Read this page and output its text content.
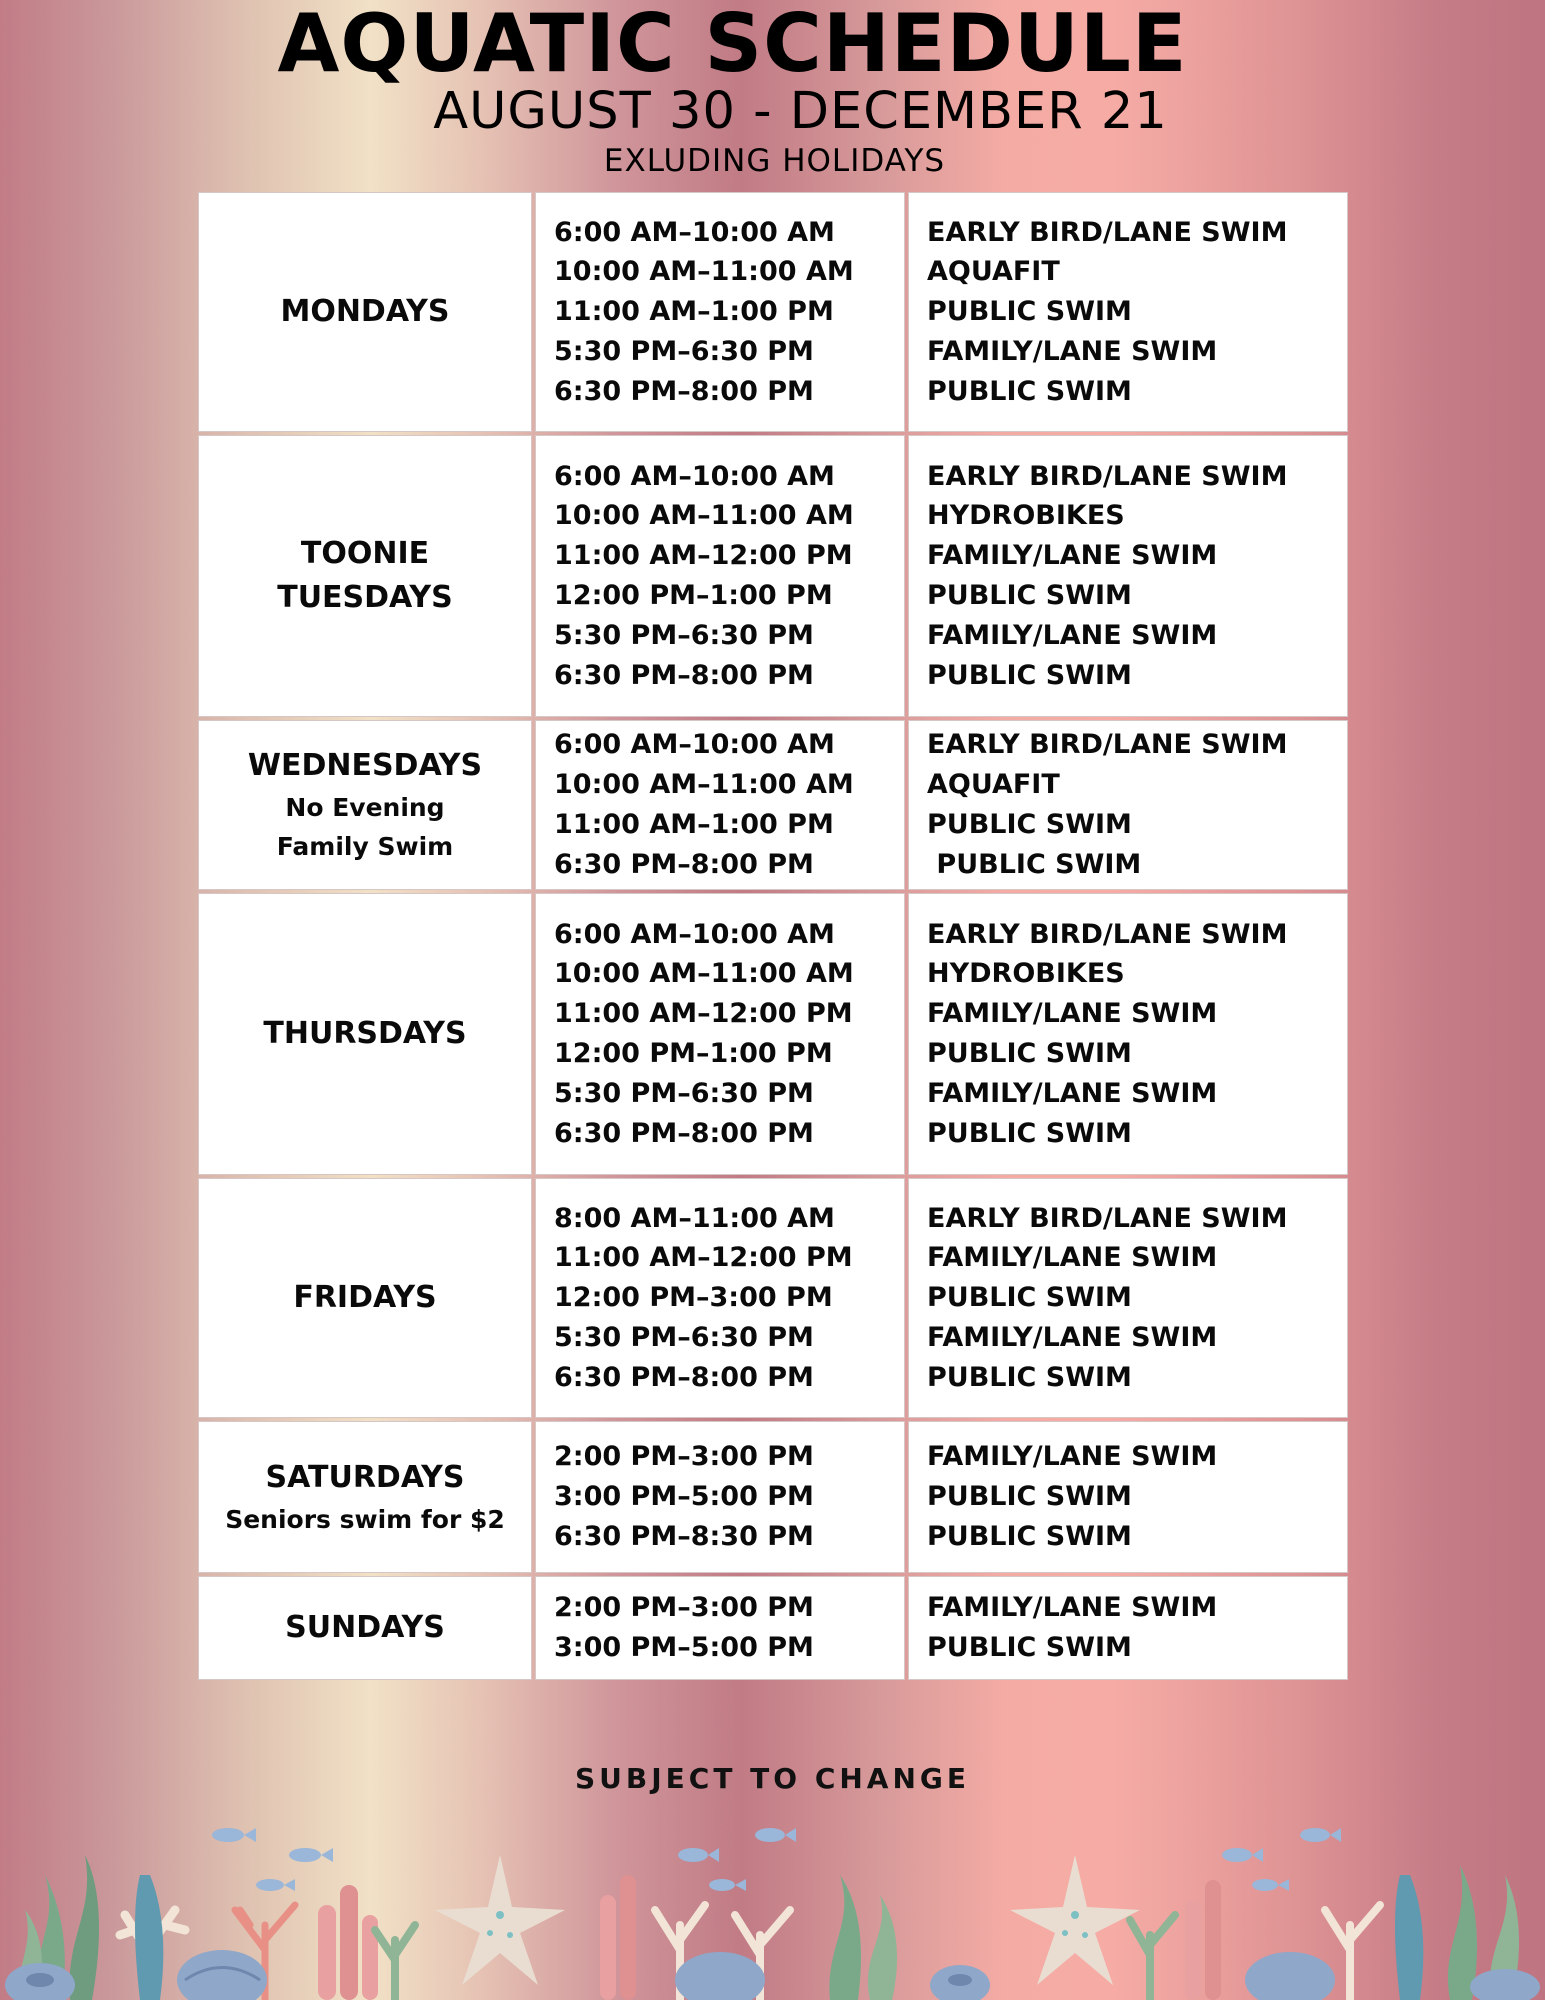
AQUATIC SCHEDULE
AUGUST 30 - DECEMBER 21
EXLUDING HOLIDAYS
MONDAYS
6:00 AM–10:00 AM
10:00 AM–11:00 AM
11:00 AM–1:00 PM
5:30 PM–6:30 PM
6:30 PM–8:00 PM
EARLY BIRD/LANE SWIM
AQUAFIT
PUBLIC SWIM
FAMILY/LANE SWIM
PUBLIC SWIM
TOONIE
TUESDAYS
6:00 AM–10:00 AM
10:00 AM–11:00 AM
11:00 AM–12:00 PM
12:00 PM–1:00 PM
5:30 PM–6:30 PM
6:30 PM–8:00 PM
EARLY BIRD/LANE SWIM
HYDROBIKES
FAMILY/LANE SWIM
PUBLIC SWIM
FAMILY/LANE SWIM
PUBLIC SWIM
WEDNESDAYS
No Evening
Family Swim
6:00 AM–10:00 AM
10:00 AM–11:00 AM
11:00 AM–1:00 PM
6:30 PM–8:00 PM
EARLY BIRD/LANE SWIM
AQUAFIT
PUBLIC SWIM
PUBLIC SWIM
THURSDAYS
6:00 AM–10:00 AM
10:00 AM–11:00 AM
11:00 AM–12:00 PM
12:00 PM–1:00 PM
5:30 PM–6:30 PM
6:30 PM–8:00 PM
EARLY BIRD/LANE SWIM
HYDROBIKES
FAMILY/LANE SWIM
PUBLIC SWIM
FAMILY/LANE SWIM
PUBLIC SWIM
FRIDAYS
8:00 AM–11:00 AM
11:00 AM–12:00 PM
12:00 PM–3:00 PM
5:30 PM–6:30 PM
6:30 PM–8:00 PM
EARLY BIRD/LANE SWIM
FAMILY/LANE SWIM
PUBLIC SWIM
FAMILY/LANE SWIM
PUBLIC SWIM
SATURDAYS
Seniors swim for $2
2:00 PM–3:00 PM
3:00 PM–5:00 PM
6:30 PM–8:30 PM
FAMILY/LANE SWIM
PUBLIC SWIM
PUBLIC SWIM
SUNDAYS
2:00 PM–3:00 PM
3:00 PM–5:00 PM
FAMILY/LANE SWIM
PUBLIC SWIM
SUBJECT TO CHANGE
